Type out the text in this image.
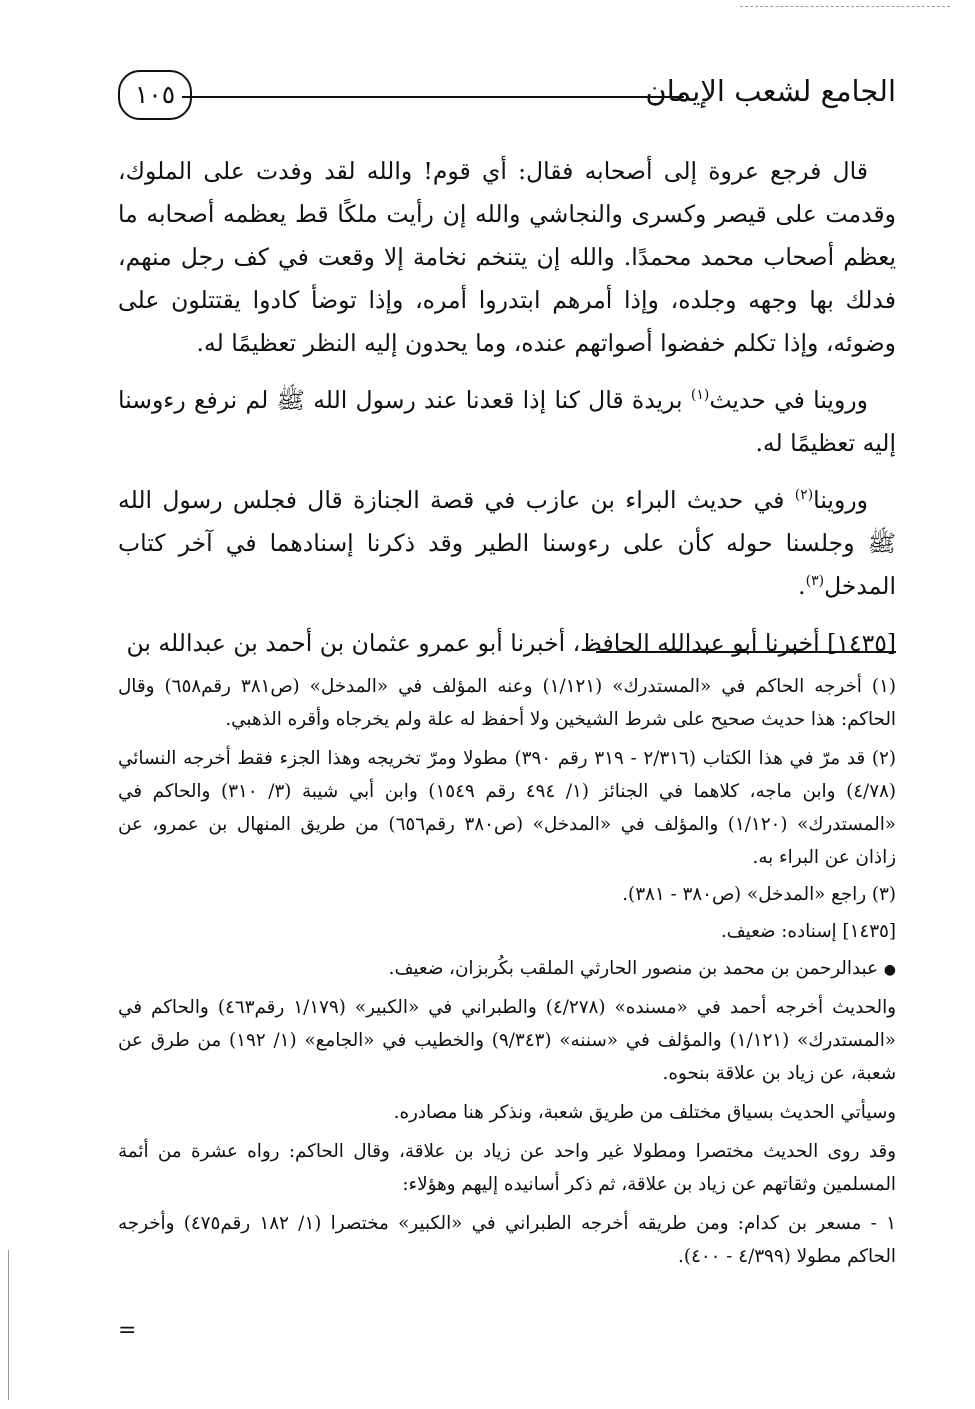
الجامع لشعب الإيمان
١٠٥

قال فرجع عروة إلى أصحابه فقال: أي قوم! والله لقد وفدت على الملوك، وقدمت على قيصر وكسرى والنجاشي والله إن رأيت ملكًا قط يعظمه أصحابه ما يعظم أصحاب محمد محمدًا. والله إن يتنخم نخامة إلا وقعت في كف رجل منهم، فدلك بها وجهه وجلده، وإذا أمرهم ابتدروا أمره، وإذا توضأ كادوا يقتتلون على وضوئه، وإذا تكلم خفضوا أصواتهم عنده، وما يحدون إليه النظر تعظيمًا له.

وروينا في حديث$^{(١)}$ بريدة قال كنا إذا قعدنا عند رسول الله ﷺ لم نرفع رءوسنا إليه تعظيمًا له.

وروينا$^{(٢)}$ في حديث البراء بن عازب في قصة الجنازة قال فجلس رسول الله ﷺ وجلسنا حوله كأن على رءوسنا الطير وقد ذكرنا إسنادهما في آخر كتاب المدخل$^{(٣)}$.

[١٤٣٥] أخبرنا أبو عبدالله الحافظ، أخبرنا أبو عمرو عثمان بن أحمد بن عبدالله بن

(١) أخرجه الحاكم في «المستدرك» (١/١٢١) وعنه المؤلف في «المدخل» (ص٣٨١ رقم٦٥٨) وقال الحاكم: هذا حديث صحيح على شرط الشيخين ولا أحفظ له علة ولم يخرجاه وأقره الذهبي.

(٢) قد مرّ في هذا الكتاب (٢/٣١٦ - ٣١٩ رقم ٣٩٠) مطولا ومرّ تخريجه وهذا الجزء فقط أخرجه النسائي (٤/٧٨) وابن ماجه، كلاهما في الجنائز (١/ ٤٩٤ رقم ١٥٤٩) وابن أبي شيبة (٣/ ٣١٠) والحاكم في «المستدرك» (١/١٢٠) والمؤلف في «المدخل» (ص٣٨٠ رقم٦٥٦) من طريق المنهال بن عمرو، عن زاذان عن البراء به.

(٣) راجع «المدخل» (ص٣٨٠ - ٣٨١).

[١٤٣٥] إسناده: ضعيف.

● عبدالرحمن بن محمد بن منصور الحارثي الملقب بكُربزان، ضعيف.

والحديث أخرجه أحمد في «مسنده» (٤/٢٧٨) والطبراني في «الكبير» (١/١٧٩ رقم٤٦٣) والحاكم في «المستدرك» (١/١٢١) والمؤلف في «سننه» (٩/٣٤٣) والخطيب في «الجامع» (١/ ١٩٢) من طرق عن شعبة، عن زياد بن علاقة بنحوه.

وسيأتي الحديث بسياق مختلف من طريق شعبة، ونذكر هنا مصادره.

وقد روى الحديث مختصرا ومطولا غير واحد عن زياد بن علاقة، وقال الحاكم: رواه عشرة من أئمة المسلمين وثقاتهم عن زياد بن علاقة، ثم ذكر أسانيده إليهم وهؤلاء:

١ - مسعر بن كدام: ومن طريقه أخرجه الطبراني في «الكبير» مختصرا (١/ ١٨٢ رقم٤٧٥) وأخرجه الحاكم مطولا (٤/٣٩٩ - ٤٠٠).

=
